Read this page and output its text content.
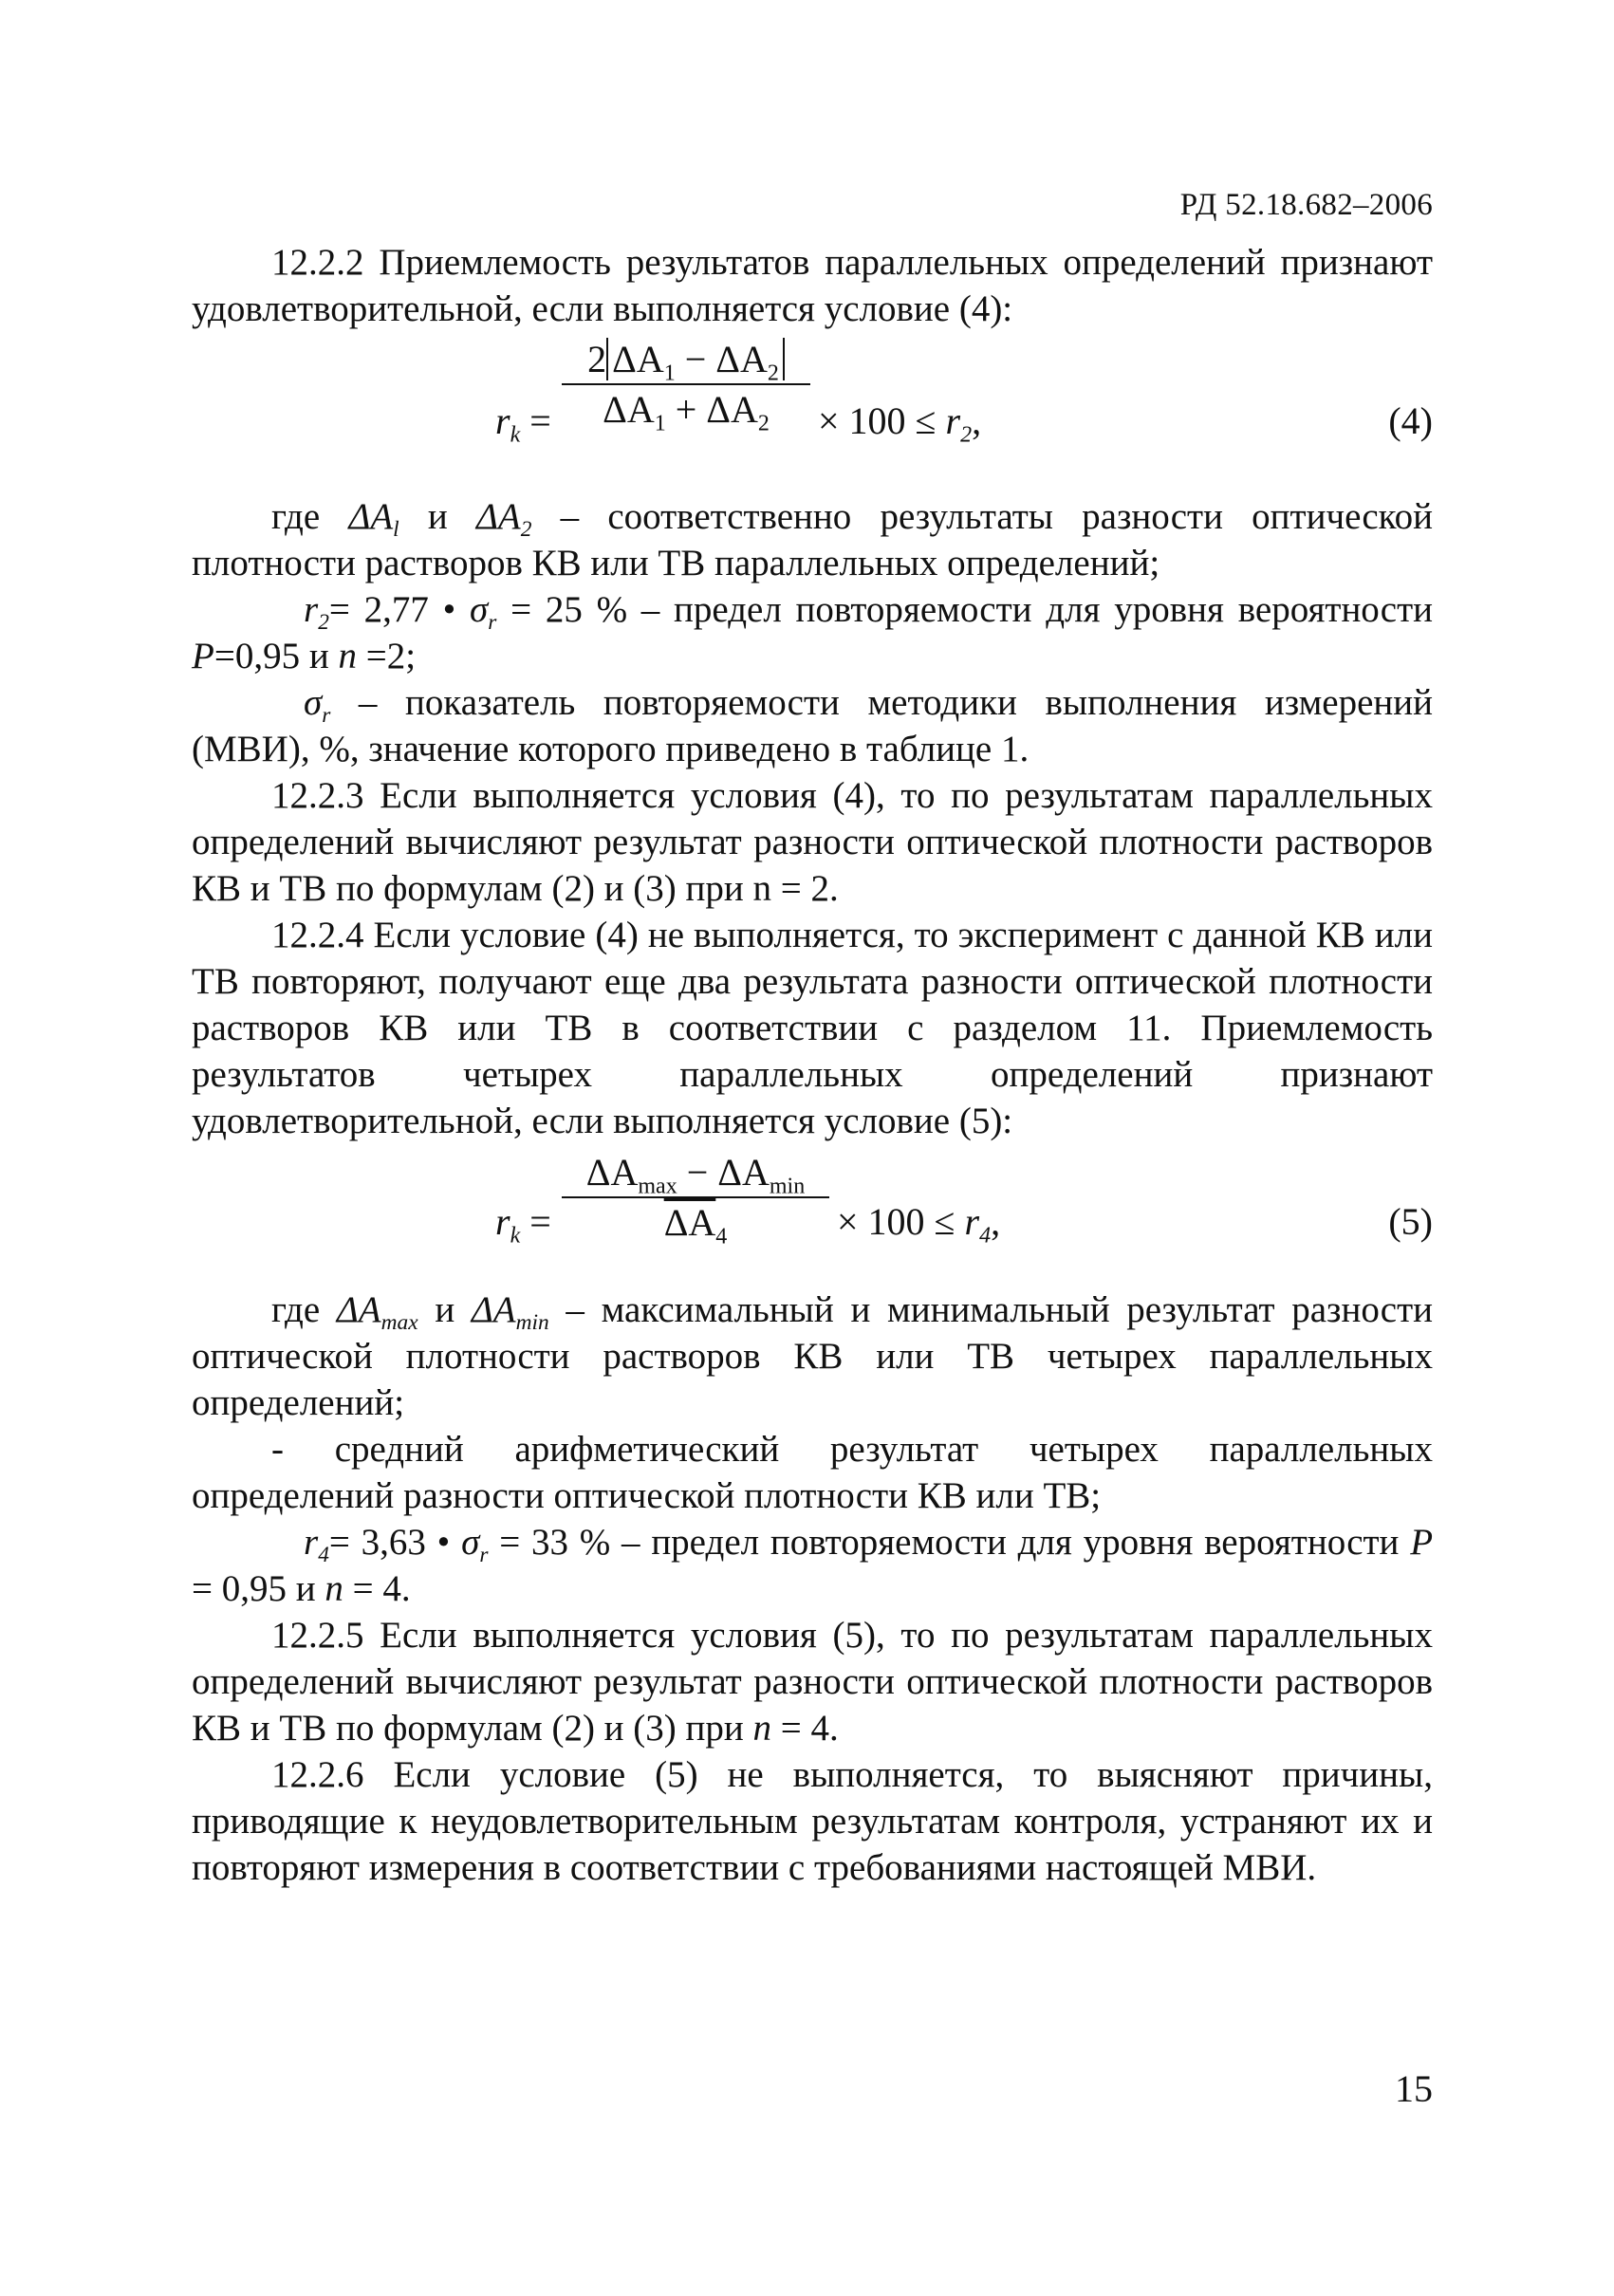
РД 52.18.682–2006
12.2.2 Приемлемость результатов параллельных определений признают удовлетворительной, если выполняется условие (4):
$r_k$ =
2 $\Delta A_1 - \Delta A_2$
$\Delta A_1 + \Delta A_2$	× $100 \le r_2$,	(4)
где $\Delta A_l$ и $\Delta A_2$ – соответственно результаты разности оптической плотности растворов КВ или ТВ параллельных определений;
$r_2= 2,77$ • $\sigma_r = 25$ % – предел повторяемости для уровня вероятности P=0,95 и n =2;
$\sigma_r$ – показатель повторяемости методики выполнения измерений (МВИ), %, значение которого приведено в таблице 1.
12.2.3 Если выполняется условия (4), то по результатам параллельных определений вычисляют результат разности оптической плотности растворов КВ и ТВ по формулам (2) и (3) при n = 2.
12.2.4 Если условие (4) не выполняется, то эксперимент с данной КВ или ТВ повторяют, получают еще два результата разности оптической плотности растворов КВ или ТВ в соответствии с разделом 11. Приемлемость результатов четырех параллельных определений признают удовлетворительной, если выполняется условие (5):
$r_k$ =
$\Delta A_{max} - \Delta A_{min}$
$\overline{\Delta A}_4$	× $100 \le r_4$,	(5)
где $\Delta A_{max}$ и $\Delta A_{min}$ – максимальный и минимальный результат разности оптической плотности растворов КВ или ТВ четырех параллельных определений;
- средний арифметический результат четырех параллельных определений разности оптической плотности КВ или ТВ;
$r_4= 3,63$ • $\sigma_r = 33$ % – предел повторяемости для уровня вероятности P = 0,95 и n = 4.
12.2.5 Если выполняется условия (5), то по результатам параллельных определений вычисляют результат разности оптической плотности растворов КВ и ТВ по формулам (2) и (3) при n = 4.
12.2.6 Если условие (5) не выполняется, то выясняют причины, приводящие к неудовлетворительным результатам контроля, устраняют их и повторяют измерения в соответствии с требованиями настоящей МВИ.
15
